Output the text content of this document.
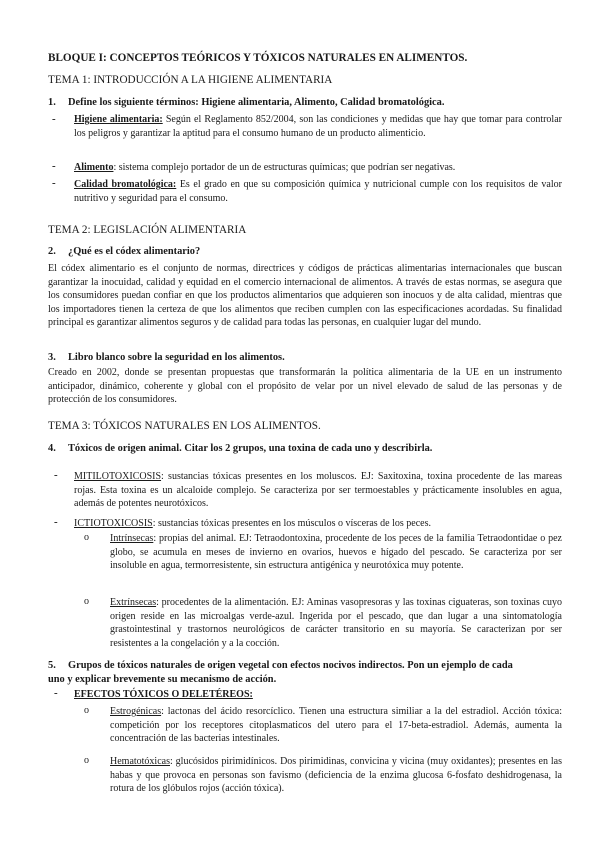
BLOQUE I: CONCEPTOS TEÓRICOS Y TÓXICOS NATURALES EN ALIMENTOS.
TEMA 1: INTRODUCCIÓN A LA HIGIENE ALIMENTARIA
1. Define los siguiente términos: Higiene alimentaria, Alimento, Calidad bromatológica.
- Higiene alimentaria: Según el Reglamento 852/2004, son las condiciones y medidas que hay que tomar para controlar los peligros y garantizar la aptitud para el consumo humano de un producto alimenticio.
- Alimento: sistema complejo portador de un de estructuras químicas; que podrían ser negativas.
- Calidad bromatológica: Es el grado en que su composición química y nutricional cumple con los requisitos de valor nutritivo y seguridad para el consumo.
TEMA 2: LEGISLACIÓN ALIMENTARIA
2. ¿Qué es el códex alimentario?
El códex alimentario es el conjunto de normas, directrices y códigos de prácticas alimentarias internacionales que buscan garantizar la inocuidad, calidad y equidad en el comercio internacional de alimentos. A través de estas normas, se asegura que los consumidores puedan confiar en que los productos alimentarios que adquieren son inocuos y de alta calidad, mientras que los importadores tienen la certeza de que los alimentos que reciben cumplen con las especificaciones acordadas. Su finalidad principal es garantizar alimentos seguros y de calidad para todas las personas, en cualquier lugar del mundo.
3. Libro blanco sobre la seguridad en los alimentos.
Creado en 2002, donde se presentan propuestas que transformarán la política alimentaria de la UE en un instrumento anticipador, dinámico, coherente y global con el propósito de velar por un nivel elevado de salud de las personas y de protección de los consumidores.
TEMA 3: TÓXICOS NATURALES EN LOS ALIMENTOS.
4. Tóxicos de origen animal. Citar los 2 grupos, una toxina de cada uno y describirla.
- MITILOTOXICOSIS: sustancias tóxicas presentes en los moluscos. EJ: Saxitoxina, toxina procedente de las mareas rojas. Esta toxina es un alcaloide complejo. Se caracteriza por ser termoestables y prácticamente insolubles en agua, además de potentes neurotóxicos.
- ICTIOTOXICOSIS: sustancias tóxicas presentes en los músculos o vísceras de los peces.
o Intrínsecas: propias del animal. EJ: Tetraodontoxina, procedente de los peces de la familia Tetraodontidae o pez globo, se acumula en meses de invierno en ovarios, huevos e hígado del pescado. Se caracteriza por ser insoluble en agua, termorresistente, sin estructura antigénica y neurotóxica muy potente.
o Extrínsecas: procedentes de la alimentación. EJ: Aminas vasopresoras y las toxinas ciguateras, son toxinas cuyo origen reside en las microalgas verde-azul. Ingerida por el pescado, que dan lugar a una sintomatología grastointestinal y trastornos neurológicos de carácter transitorio en su mayoría. Se caracterizan por ser resistentes a la congelación y a la cocción.
5. Grupos de tóxicos naturales de origen vegetal con efectos nocivos indirectos. Pon un ejemplo de cada
uno y explicar brevemente su mecanismo de acción.
- EFECTOS TÓXICOS O DELETÉREOS:
o Estrogénicas: lactonas del ácido resorcíclico. Tienen una estructura similiar a la del estradiol. Acción tóxica: competición por los receptores citoplasmaticos del utero para el 17-beta-estradiol. Además, aumenta la concentración de las bacterias intestinales.
o Hematotóxicas: glucósidos pirimidínicos. Dos pirimidinas, convicina y vicina (muy oxidantes); presentes en las habas y que provoca en personas son favismo (deficiencia de la enzima glucosa 6-fosfato deshidrogenasa, la rotura de los glóbulos rojos (acción tóxica).
